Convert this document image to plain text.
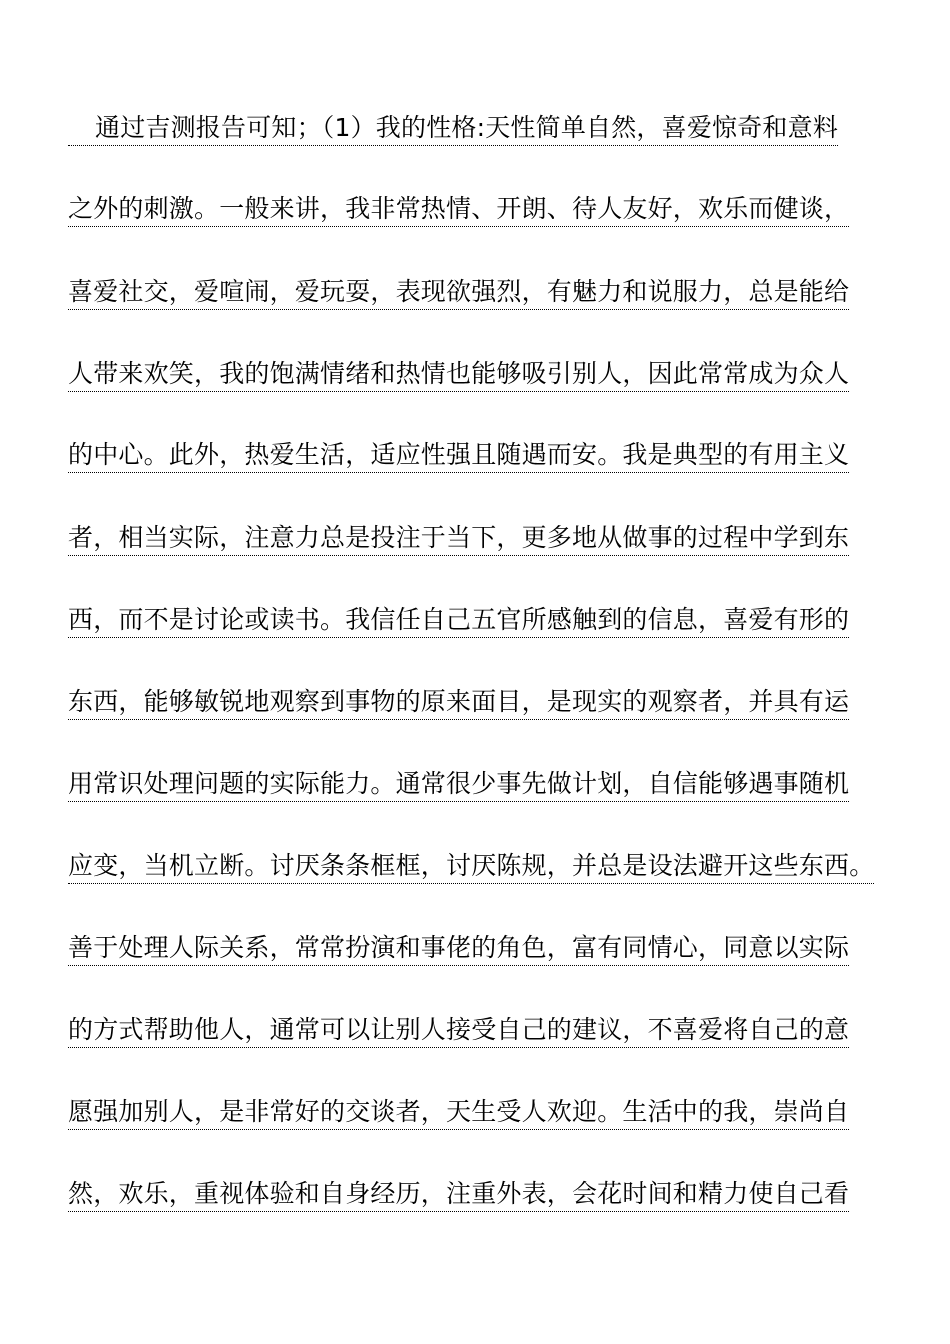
通过吉测报告可知；（1）我的性格:天性简单自然，喜爱惊奇和意料
之外的刺激。一般来讲，我非常热情、开朗、待人友好，欢乐而健谈，
喜爱社交，爱喧闹，爱玩耍，表现欲强烈，有魅力和说服力，总是能给
人带来欢笑，我的饱满情绪和热情也能够吸引别人，因此常常成为众人
的中心。此外，热爱生活，适应性强且随遇而安。我是典型的有用主义
者，相当实际，注意力总是投注于当下，更多地从做事的过程中学到东
西，而不是讨论或读书。我信任自己五官所感触到的信息，喜爱有形的
东西，能够敏锐地观察到事物的原来面目，是现实的观察者，并具有运
用常识处理问题的实际能力。通常很少事先做计划，自信能够遇事随机
应变，当机立断。讨厌条条框框，讨厌陈规，并总是设法避开这些东西。
善于处理人际关系，常常扮演和事佬的角色，富有同情心，同意以实际
的方式帮助他人，通常可以让别人接受自己的建议，不喜爱将自己的意
愿强加别人，是非常好的交谈者，天生受人欢迎。生活中的我，崇尚自
然，欢乐，重视体验和自身经历，注重外表，会花时间和精力使自己看
